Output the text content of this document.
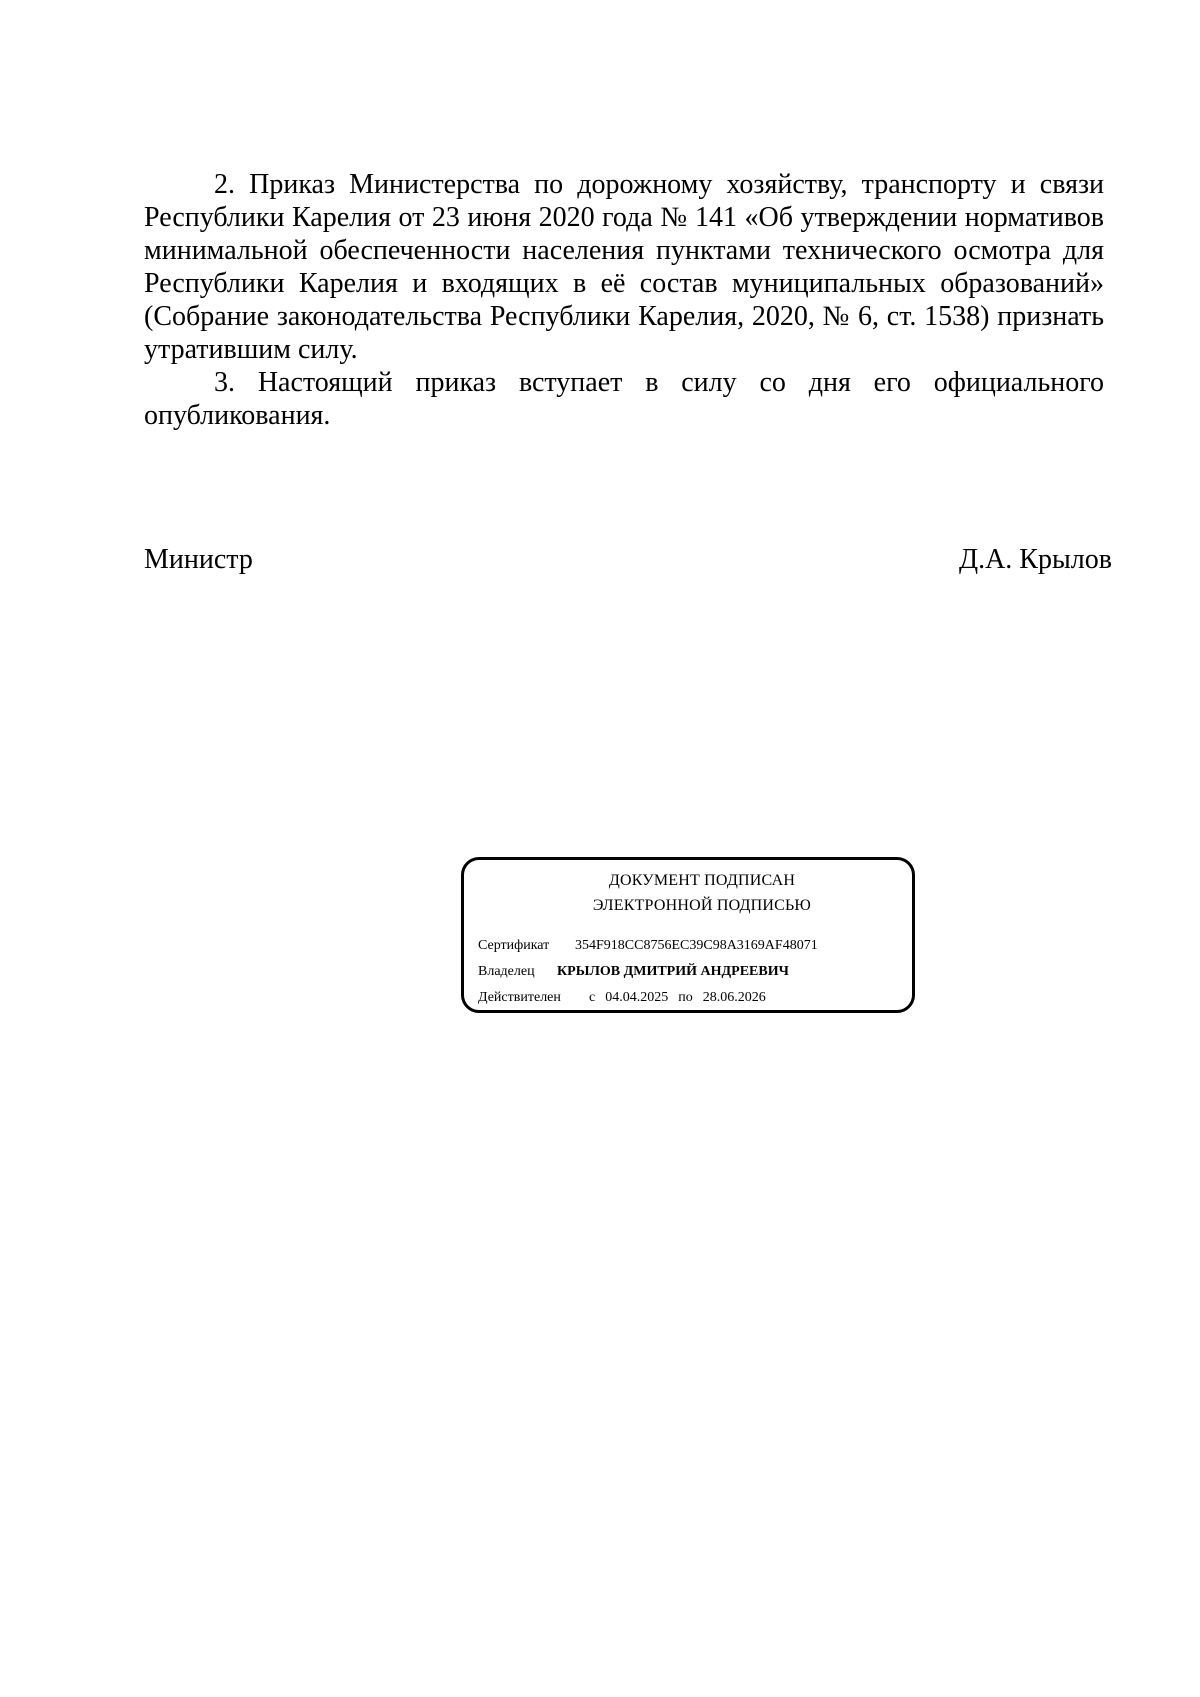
2. Приказ Министерства по дорожному хозяйству, транспорту и связи Республики Карелия от 23 июня 2020 года № 141 «Об утверждении нормативов минимальной обеспеченности населения пунктами технического осмотра для Республики Карелия и входящих в её состав муниципальных образований» (Собрание законодательства Республики Карелия, 2020, № 6, ст. 1538) признать утратившим силу.

3. Настоящий приказ вступает в силу со дня его официального опубликования.

Министр	Д.А. Крылов
ДОКУМЕНТ ПОДПИСАН
ЭЛЕКТРОННОЙ ПОДПИСЬЮ
Сертификат 354F918CC8756EC39C98A3169AF48071
Владелец КРЫЛОВ ДМИТРИЙ АНДРЕЕВИЧ
Действителен с 04.04.2025 по 28.06.2026
